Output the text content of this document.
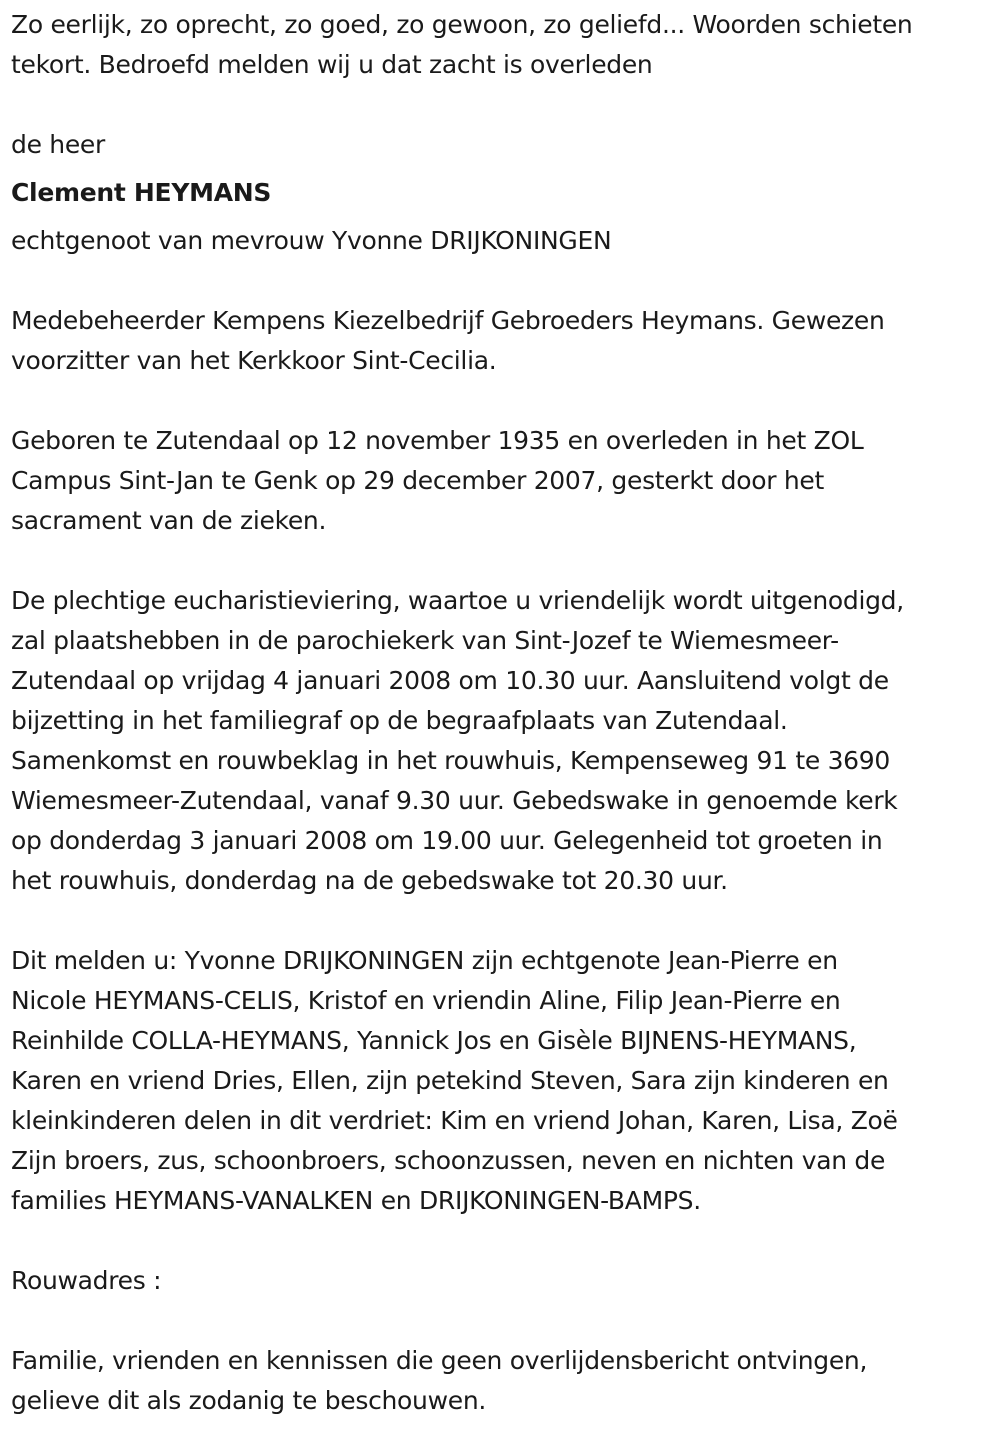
Zo eerlijk, zo oprecht, zo goed, zo gewoon, zo geliefd... Woorden schieten
tekort. Bedroefd melden wij u dat zacht is overleden
de heer
Clement HEYMANS
echtgenoot van mevrouw Yvonne DRIJKONINGEN
Medebeheerder Kempens Kiezelbedrijf Gebroeders Heymans. Gewezen
voorzitter van het Kerkkoor Sint-Cecilia.
Geboren te Zutendaal op 12 november 1935 en overleden in het ZOL
Campus Sint-Jan te Genk op 29 december 2007, gesterkt door het
sacrament van de zieken.
De plechtige eucharistieviering, waartoe u vriendelijk wordt uitgenodigd,
zal plaatshebben in de parochiekerk van Sint-Jozef te Wiemesmeer-
Zutendaal op vrijdag 4 januari 2008 om 10.30 uur. Aansluitend volgt de
bijzetting in het familiegraf op de begraafplaats van Zutendaal.
Samenkomst en rouwbeklag in het rouwhuis, Kempenseweg 91 te 3690
Wiemesmeer-Zutendaal, vanaf 9.30 uur. Gebedswake in genoemde kerk
op donderdag 3 januari 2008 om 19.00 uur. Gelegenheid tot groeten in
het rouwhuis, donderdag na de gebedswake tot 20.30 uur.
Dit melden u: Yvonne DRIJKONINGEN zijn echtgenote Jean-Pierre en
Nicole HEYMANS-CELIS, Kristof en vriendin Aline, Filip Jean-Pierre en
Reinhilde COLLA-HEYMANS, Yannick Jos en Gisèle BIJNENS-HEYMANS,
Karen en vriend Dries, Ellen, zijn petekind Steven, Sara zijn kinderen en
kleinkinderen delen in dit verdriet: Kim en vriend Johan, Karen, Lisa, Zoë
Zijn broers, zus, schoonbroers, schoonzussen, neven en nichten van de
families HEYMANS-VANALKEN en DRIJKONINGEN-BAMPS.
Rouwadres :
Familie, vrienden en kennissen die geen overlijdensbericht ontvingen,
gelieve dit als zodanig te beschouwen.
